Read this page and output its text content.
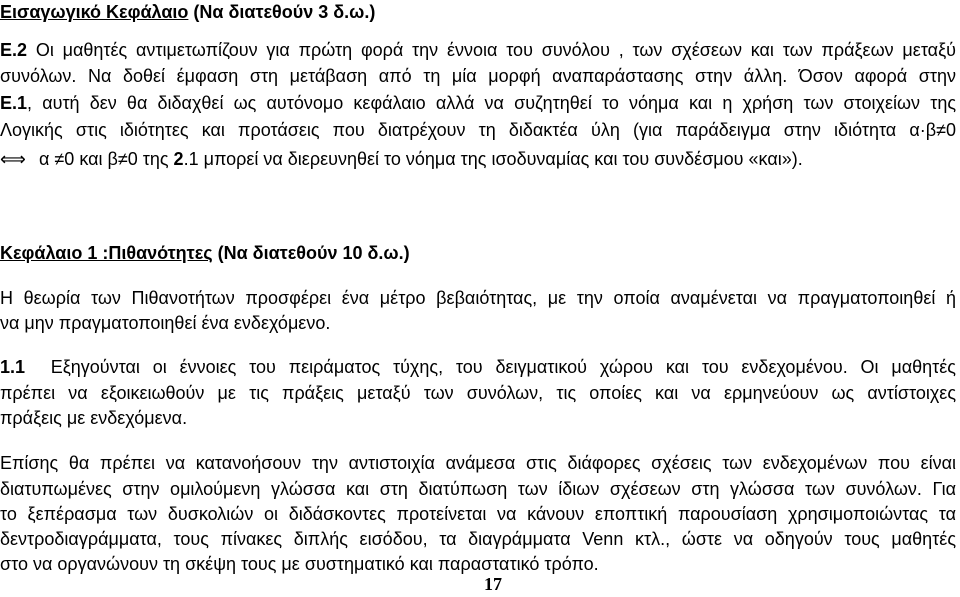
Εισαγωγικό Κεφάλαιο (Να διατεθούν 3 δ.ω.)
Ε.2 Οι μαθητές αντιμετωπίζουν για πρώτη φορά την έννοια του συνόλου , των σχέσεων και των πράξεων μεταξύ
συνόλων. Να δοθεί έμφαση στη μετάβαση από τη μία μορφή αναπαράστασης στην άλλη. Όσον αφορά στην
Ε.1, αυτή δεν θα διδαχθεί ως αυτόνομο κεφάλαιο αλλά να συζητηθεί το νόημα και η χρήση των στοιχείων της
Λογικής στις ιδιότητες και προτάσεις που διατρέχουν τη διδακτέα ύλη (για παράδειγμα στην ιδιότητα α·β≠0
⟺ α ≠0 και β≠0 της 2.1 μπορεί να διερευνηθεί το νόημα της ισοδυναμίας και του συνδέσμου «και»).
Κεφάλαιο 1 :Πιθανότητες (Να διατεθούν 10 δ.ω.)
Η θεωρία των Πιθανοτήτων προσφέρει ένα μέτρο βεβαιότητας, με την οποία αναμένεται να πραγματοποιηθεί ή
να μην πραγματοποιηθεί ένα ενδεχόμενο.
1.1 Εξηγούνται οι έννοιες του πειράματος τύχης, του δειγματικού χώρου και του ενδεχομένου. Οι μαθητές
πρέπει να εξοικειωθούν με τις πράξεις μεταξύ των συνόλων, τις οποίες και να ερμηνεύουν ως αντίστοιχες
πράξεις με ενδεχόμενα.
Επίσης θα πρέπει να κατανοήσουν την αντιστοιχία ανάμεσα στις διάφορες σχέσεις των ενδεχομένων που είναι
διατυπωμένες στην ομιλούμενη γλώσσα και στη διατύπωση των ίδιων σχέσεων στη γλώσσα των συνόλων. Για
το ξεπέρασμα των δυσκολιών οι διδάσκοντες προτείνεται να κάνουν εποπτική παρουσίαση χρησιμοποιώντας τα
δεντροδιαγράμματα, τους πίνακες διπλής εισόδου, τα διαγράμματα Venn κτλ., ώστε να οδηγούν τους μαθητές
στο να οργανώνουν τη σκέψη τους με συστηματικό και παραστατικό τρόπο.
17
